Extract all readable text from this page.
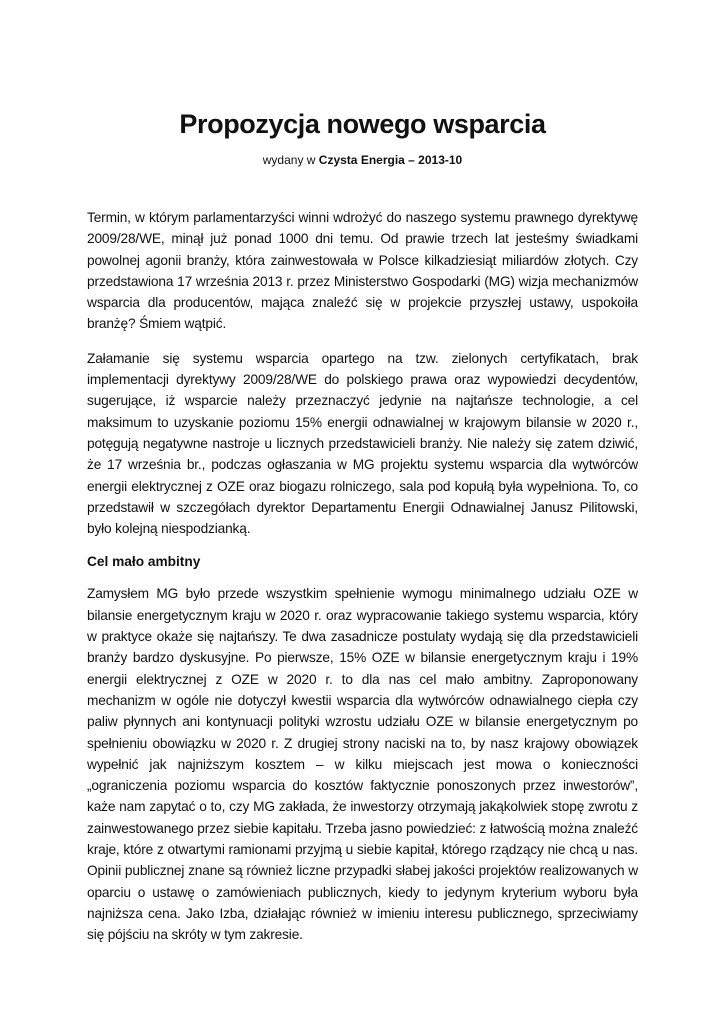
Propozycja nowego wsparcia
wydany w Czysta Energia – 2013-10

Termin, w którym parlamentarzyści winni wdrożyć do naszego systemu prawnego dyrektywę 2009/28/WE, minął już ponad 1000 dni temu. Od prawie trzech lat jesteśmy świadkami powolnej agonii branży, która zainwestowała w Polsce kilkadziesiąt miliardów złotych. Czy przedstawiona 17 września 2013 r. przez Ministerstwo Gospodarki (MG) wizja mechanizmów wsparcia dla producentów, mająca znaleźć się w projekcie przyszłej ustawy, uspokoiła branżę? Śmiem wątpić.

Załamanie się systemu wsparcia opartego na tzw. zielonych certyfikatach, brak implementacji dyrektywy 2009/28/WE do polskiego prawa oraz wypowiedzi decydentów, sugerujące, iż wsparcie należy przeznaczyć jedynie na najtańsze technologie, a cel maksimum to uzyskanie poziomu 15% energii odnawialnej w krajowym bilansie w 2020 r., potęgują negatywne nastroje u licznych przedstawicieli branży. Nie należy się zatem dziwić, że 17 września br., podczas ogłaszania w MG projektu systemu wsparcia dla wytwórców energii elektrycznej z OZE oraz biogazu rolniczego, sala pod kopułą była wypełniona. To, co przedstawił w szczegółach dyrektor Departamentu Energii Odnawialnej Janusz Pilitowski, było kolejną niespodzianką.

Cel mało ambitny

Zamysłem MG było przede wszystkim spełnienie wymogu minimalnego udziału OZE w bilansie energetycznym kraju w 2020 r. oraz wypracowanie takiego systemu wsparcia, który w praktyce okaże się najtańszy. Te dwa zasadnicze postulaty wydają się dla przedstawicieli branży bardzo dyskusyjne. Po pierwsze, 15% OZE w bilansie energetycznym kraju i 19% energii elektrycznej z OZE w 2020 r. to dla nas cel mało ambitny. Zaproponowany mechanizm w ogóle nie dotyczył kwestii wsparcia dla wytwórców odnawialnego ciepła czy paliw płynnych ani kontynuacji polityki wzrostu udziału OZE w bilansie energetycznym po spełnieniu obowiązku w 2020 r. Z drugiej strony naciski na to, by nasz krajowy obowiązek wypełnić jak najniższym kosztem – w kilku miejscach jest mowa o konieczności „ograniczenia poziomu wsparcia do kosztów faktycznie ponoszonych przez inwestorów”, każe nam zapytać o to, czy MG zakłada, że inwestorzy otrzymają jakąkolwiek stopę zwrotu z zainwestowanego przez siebie kapitału. Trzeba jasno powiedzieć: z łatwością można znaleźć kraje, które z otwartymi ramionami przyjmą u siebie kapitał, którego rządzący nie chcą u nas. Opinii publicznej znane są również liczne przypadki słabej jakości projektów realizowanych w oparciu o ustawę o zamówieniach publicznych, kiedy to jedynym kryterium wyboru była najniższa cena. Jako Izba, działając również w imieniu interesu publicznego, sprzeciwiamy się pójściu na skróty w tym zakresie.
